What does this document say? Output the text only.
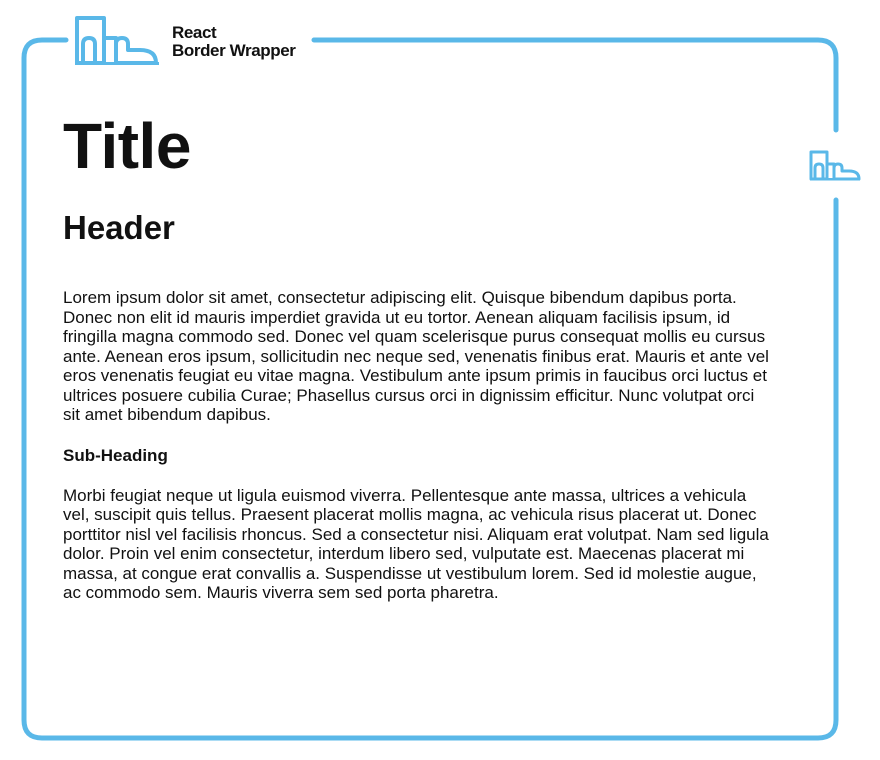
React
Border Wrapper
Title
Header

Lorem ipsum dolor sit amet, consectetur adipiscing elit. Quisque bibendum dapibus porta. Donec non elit id mauris imperdiet gravida ut eu tortor. Aenean aliquam facilisis ipsum, id fringilla magna commodo sed. Donec vel quam scelerisque purus consequat mollis eu cursus ante. Aenean eros ipsum, sollicitudin nec neque sed, venenatis finibus erat. Mauris et ante vel eros venenatis feugiat eu vitae magna. Vestibulum ante ipsum primis in faucibus orci luctus et ultrices posuere cubilia Curae; Phasellus cursus orci in dignissim efficitur. Nunc volutpat orci sit amet bibendum dapibus.

Sub-Heading

Morbi feugiat neque ut ligula euismod viverra. Pellentesque ante massa, ultrices a vehicula vel, suscipit quis tellus. Praesent placerat mollis magna, ac vehicula risus placerat ut. Donec porttitor nisl vel facilisis rhoncus. Sed a consectetur nisi. Aliquam erat volutpat. Nam sed ligula dolor. Proin vel enim consectetur, interdum libero sed, vulputate est. Maecenas placerat mi massa, at congue erat convallis a. Suspendisse ut vestibulum lorem. Sed id molestie augue, ac commodo sem. Mauris viverra sem sed porta pharetra.
